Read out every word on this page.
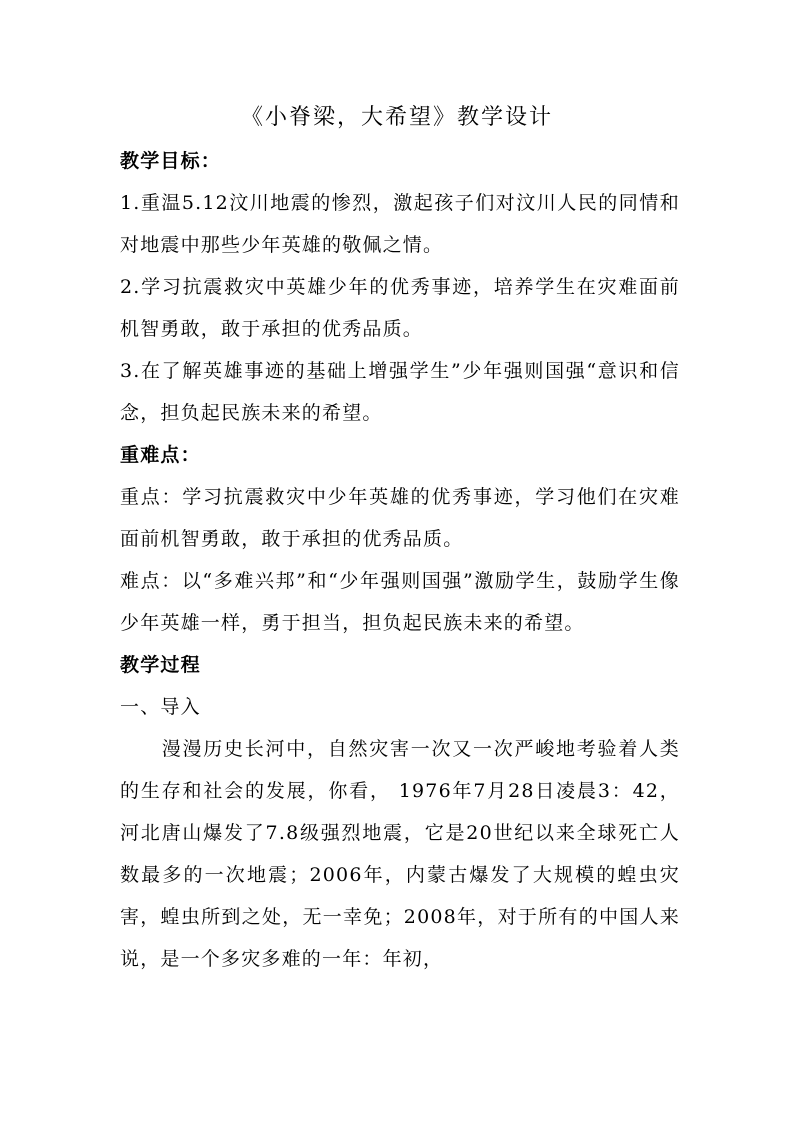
《小脊梁，大希望》教学设计

教学目标：

1.重温5.12汶川地震的惨烈，激起孩子们对汶川人民的同情和对地震中那些少年英雄的敬佩之情。

2.学习抗震救灾中英雄少年的优秀事迹，培养学生在灾难面前机智勇敢，敢于承担的优秀品质。

3.在了解英雄事迹的基础上增强学生”少年强则国强“意识和信念，担负起民族未来的希望。

重难点：

重点：学习抗震救灾中少年英雄的优秀事迹，学习他们在灾难面前机智勇敢，敢于承担的优秀品质。

难点：以“多难兴邦”和“少年强则国强”激励学生，鼓励学生像少年英雄一样，勇于担当，担负起民族未来的希望。

教学过程

一、导入

漫漫历史长河中，自然灾害一次又一次严峻地考验着人类的生存和社会的发展，你看， 1976年7月28日凌晨3：42，河北唐山爆发了7.8级强烈地震，它是20世纪以来全球死亡人数最多的一次地震；2006年，内蒙古爆发了大规模的蝗虫灾害，蝗虫所到之处，无一幸免；2008年，对于所有的中国人来说，是一个多灾多难的一年：年初，
